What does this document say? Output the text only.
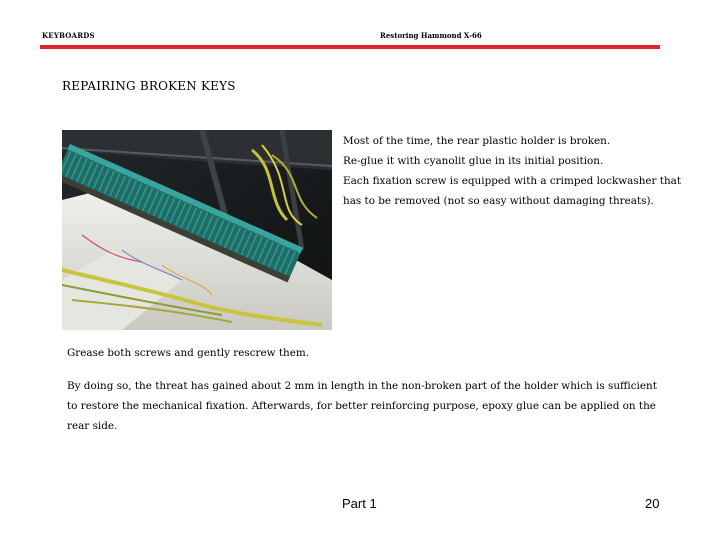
KEYBOARDS	Restoring Hammond X-66
REPAIRING BROKEN KEYS

Most of the time, the rear plastic holder is broken.

Re-glue it with cyanolit glue in its initial position.

Each fixation screw is equipped with a crimped lockwasher that

has to be removed (not so easy without damaging threats).

Grease both screws and gently rescrew them.
By doing so, the threat has gained about 2 mm in length in the non-broken part of the holder which is sufficient
to restore the mechanical fixation. Afterwards, for better reinforcing purpose, epoxy glue can be applied on the
rear side.
Part 1	20
